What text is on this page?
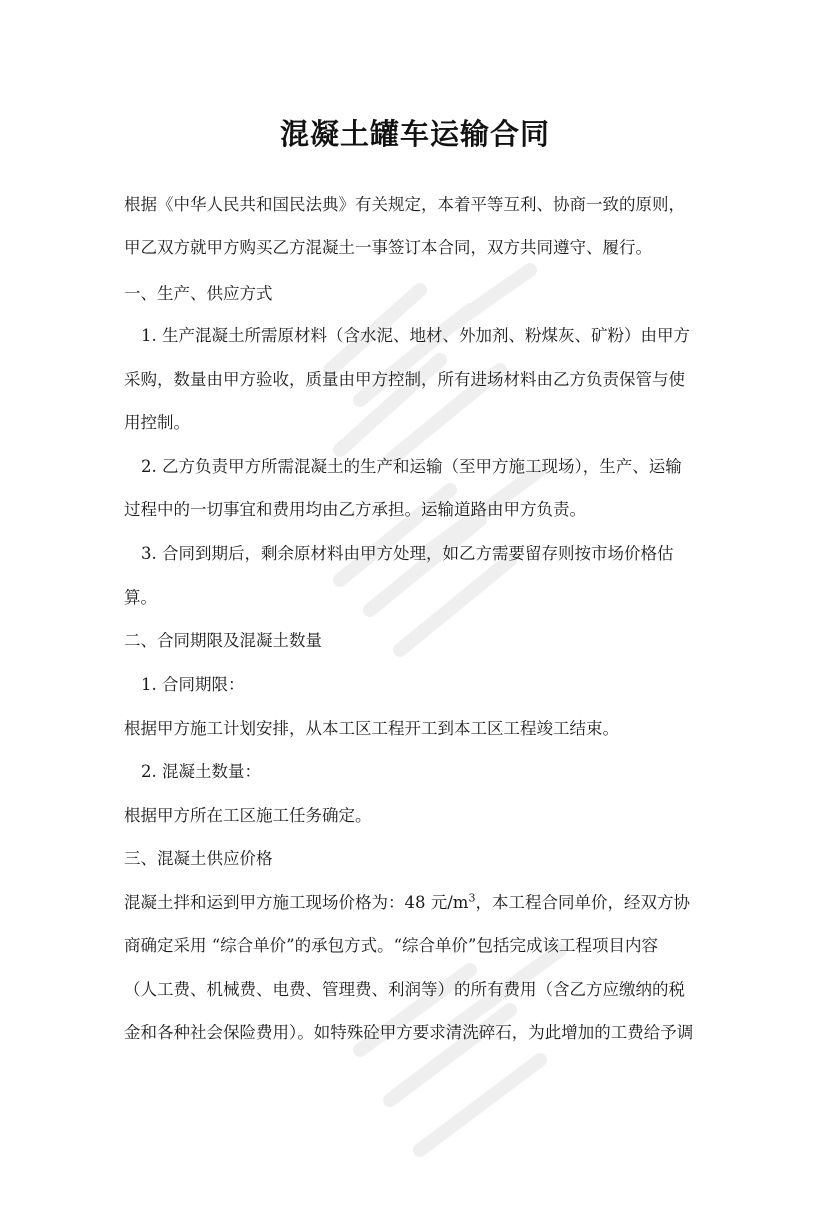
混凝土罐车运输合同
根据《中华人民共和国民法典》有关规定，本着平等互利、协商一致的原则，
甲乙双方就甲方购买乙方混凝土一事签订本合同，双方共同遵守、履行。
一、生产、供应方式
1. 生产混凝土所需原材料（含水泥、地材、外加剂、粉煤灰、矿粉）由甲方
采购，数量由甲方验收，质量由甲方控制，所有进场材料由乙方负责保管与使
用控制。
2. 乙方负责甲方所需混凝土的生产和运输（至甲方施工现场），生产、运输
过程中的一切事宜和费用均由乙方承担。运输道路由甲方负责。
3. 合同到期后，剩余原材料由甲方处理，如乙方需要留存则按市场价格估
算。
二、合同期限及混凝土数量
1. 合同期限：
根据甲方施工计划安排，从本工区工程开工到本工区工程竣工结束。
2. 混凝土数量：
根据甲方所在工区施工任务确定。
三、混凝土供应价格
混凝土拌和运到甲方施工现场价格为：48 元$/m^3$，本工程合同单价，经双方协
商确定采用 “综合单价”的承包方式。“综合单价”包括完成该工程项目内容
（人工费、机械费、电费、管理费、利润等）的所有费用（含乙方应缴纳的税
金和各种社会保险费用）。如特殊砼甲方要求清洗碎石，为此增加的工费给予调
